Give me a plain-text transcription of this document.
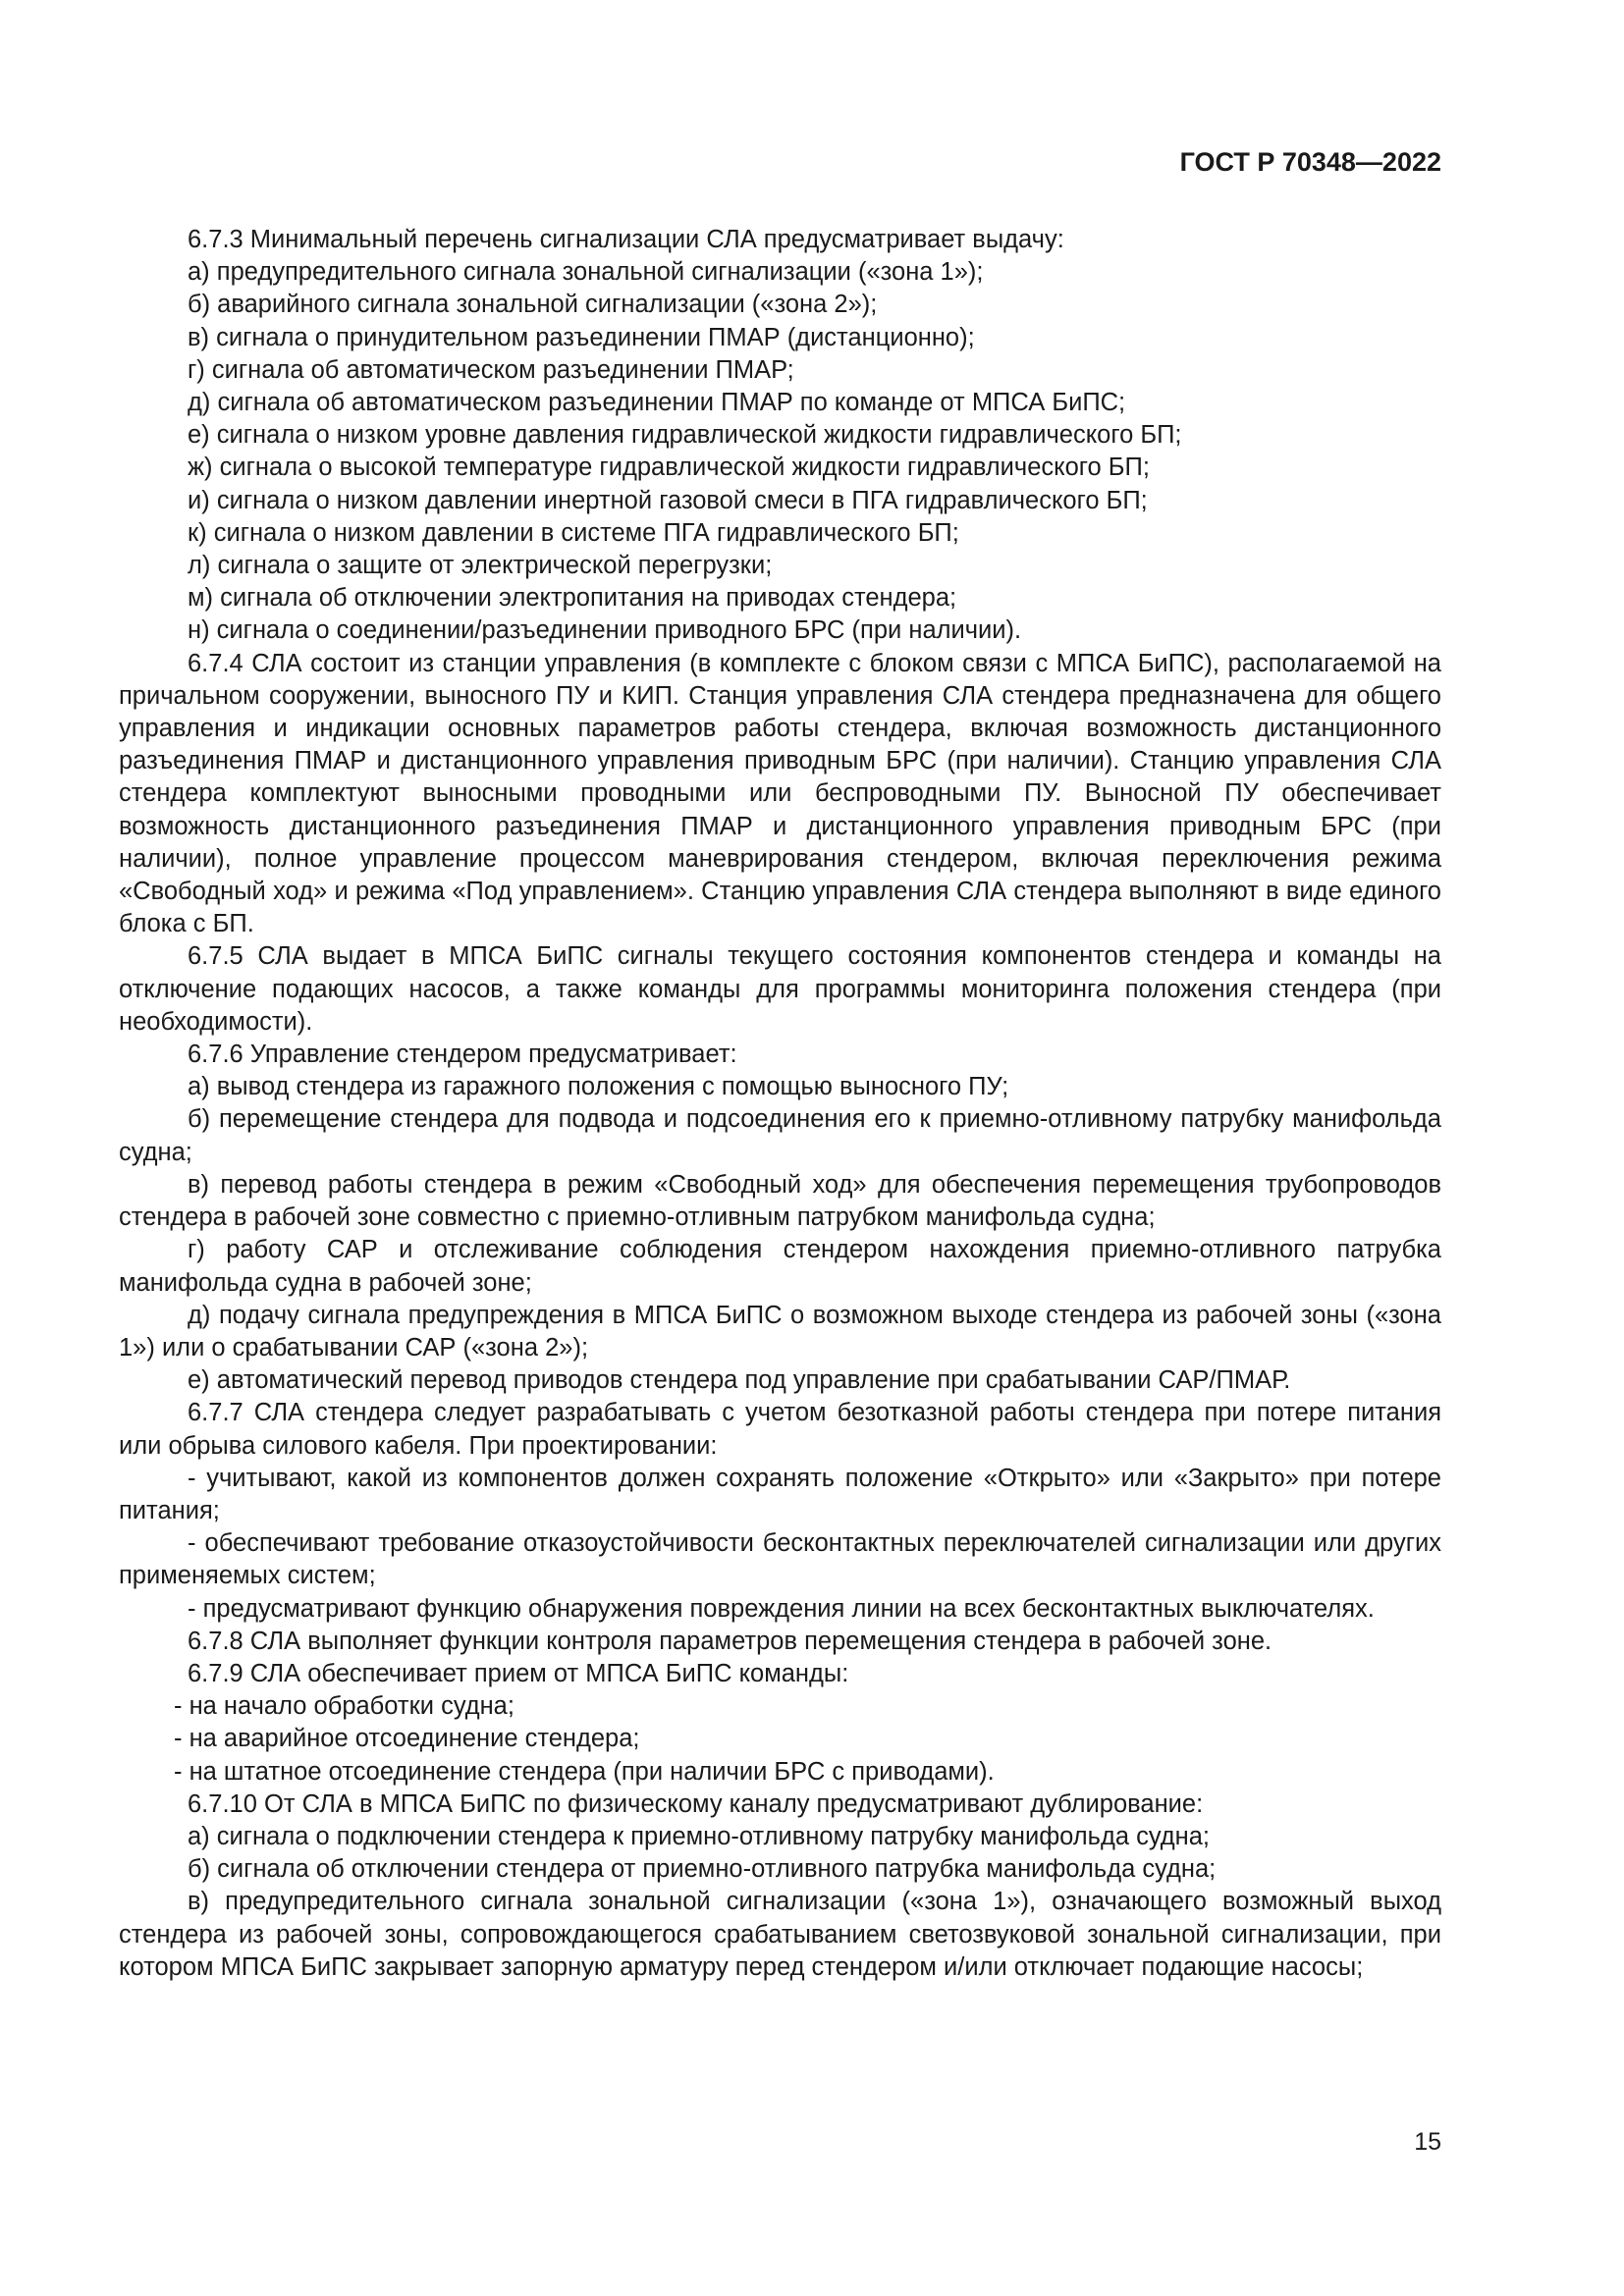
ГОСТ Р 70348—2022

6.7.3 Минимальный перечень сигнализации СЛА предусматривает выдачу:

а) предупредительного сигнала зональной сигнализации («зона 1»);

б) аварийного сигнала зональной сигнализации («зона 2»);

в) сигнала о принудительном разъединении ПМАР (дистанционно);

г) сигнала об автоматическом разъединении ПМАР;

д) сигнала об автоматическом разъединении ПМАР по команде от МПСА БиПС;

е) сигнала о низком уровне давления гидравлической жидкости гидравлического БП;

ж) сигнала о высокой температуре гидравлической жидкости гидравлического БП;

и) сигнала о низком давлении инертной газовой смеси в ПГА гидравлического БП;

к) сигнала о низком давлении в системе ПГА гидравлического БП;

л) сигнала о защите от электрической перегрузки;

м) сигнала об отключении электропитания на приводах стендера;

н) сигнала о соединении/разъединении приводного БРС (при наличии).

6.7.4 СЛА состоит из станции управления (в комплекте с блоком связи с МПСА БиПС), располагаемой на причальном сооружении, выносного ПУ и КИП. Станция управления СЛА стендера предназначена для общего управления и индикации основных параметров работы стендера, включая возможность дистанционного разъединения ПМАР и дистанционного управления приводным БРС (при наличии). Станцию управления СЛА стендера комплектуют выносными проводными или беспроводными ПУ. Выносной ПУ обеспечивает возможность дистанционного разъединения ПМАР и дистанционного управления приводным БРС (при наличии), полное управление процессом маневрирования стендером, включая переключения режима «Свободный ход» и режима «Под управлением». Станцию управления СЛА стендера выполняют в виде единого блока с БП.

6.7.5 СЛА выдает в МПСА БиПС сигналы текущего состояния компонентов стендера и команды на отключение подающих насосов, а также команды для программы мониторинга положения стендера (при необходимости).

6.7.6 Управление стендером предусматривает:

а) вывод стендера из гаражного положения с помощью выносного ПУ;

б) перемещение стендера для подвода и подсоединения его к приемно-отливному патрубку манифольда судна;

в) перевод работы стендера в режим «Свободный ход» для обеспечения перемещения трубопроводов стендера в рабочей зоне совместно с приемно-отливным патрубком манифольда судна;

г) работу САР и отслеживание соблюдения стендером нахождения приемно-отливного патрубка манифольда судна в рабочей зоне;

д) подачу сигнала предупреждения в МПСА БиПС о возможном выходе стендера из рабочей зоны («зона 1») или о срабатывании САР («зона 2»);

е) автоматический перевод приводов стендера под управление при срабатывании САР/ПМАР.

6.7.7 СЛА стендера следует разрабатывать с учетом безотказной работы стендера при потере питания или обрыва силового кабеля. При проектировании:

- учитывают, какой из компонентов должен сохранять положение «Открыто» или «Закрыто» при потере питания;

- обеспечивают требование отказоустойчивости бесконтактных переключателей сигнализации или других применяемых систем;

- предусматривают функцию обнаружения повреждения линии на всех бесконтактных выключателях.

6.7.8 СЛА выполняет функции контроля параметров перемещения стендера в рабочей зоне.

6.7.9 СЛА обеспечивает прием от МПСА БиПС команды:

- на начало обработки судна;

- на аварийное отсоединение стендера;

- на штатное отсоединение стендера (при наличии БРС с приводами).

6.7.10 От СЛА в МПСА БиПС по физическому каналу предусматривают дублирование:

а) сигнала о подключении стендера к приемно-отливному патрубку манифольда судна;

б) сигнала об отключении стендера от приемно-отливного патрубка манифольда судна;

в) предупредительного сигнала зональной сигнализации («зона 1»), означающего возможный выход стендера из рабочей зоны, сопровождающегося срабатыванием светозвуковой зональной сигнализации, при котором МПСА БиПС закрывает запорную арматуру перед стендером и/или отключает подающие насосы;

15
